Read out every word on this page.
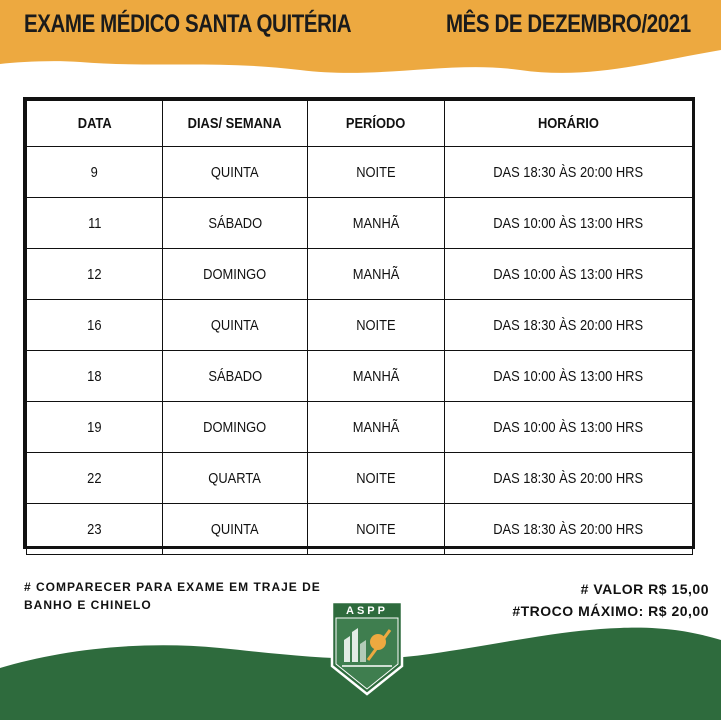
EXAME MÉDICO SANTA QUITÉRIA	MÊS DE DEZEMBRO/2021
DATA	DIAS/ SEMANA	PERÍODO	HORÁRIO
9	QUINTA	NOITE	DAS 18:30 ÀS 20:00 HRS
11	SÁBADO	MANHÃ	DAS 10:00 ÀS 13:00 HRS
12	DOMINGO	MANHÃ	DAS 10:00 ÀS 13:00 HRS
16	QUINTA	NOITE	DAS 18:30 ÀS 20:00 HRS
18	SÁBADO	MANHÃ	DAS 10:00 ÀS 13:00 HRS
19	DOMINGO	MANHÃ	DAS 10:00 ÀS 13:00 HRS
22	QUARTA	NOITE	DAS 18:30 ÀS 20:00 HRS
23	QUINTA	NOITE	DAS 18:30 ÀS 20:00 HRS
# COMPARECER PARA EXAME EM TRAJE DE BANHO E CHINELO
# VALOR R$ 15,00
#TROCO MÁXIMO: R$ 20,00
ASPP
